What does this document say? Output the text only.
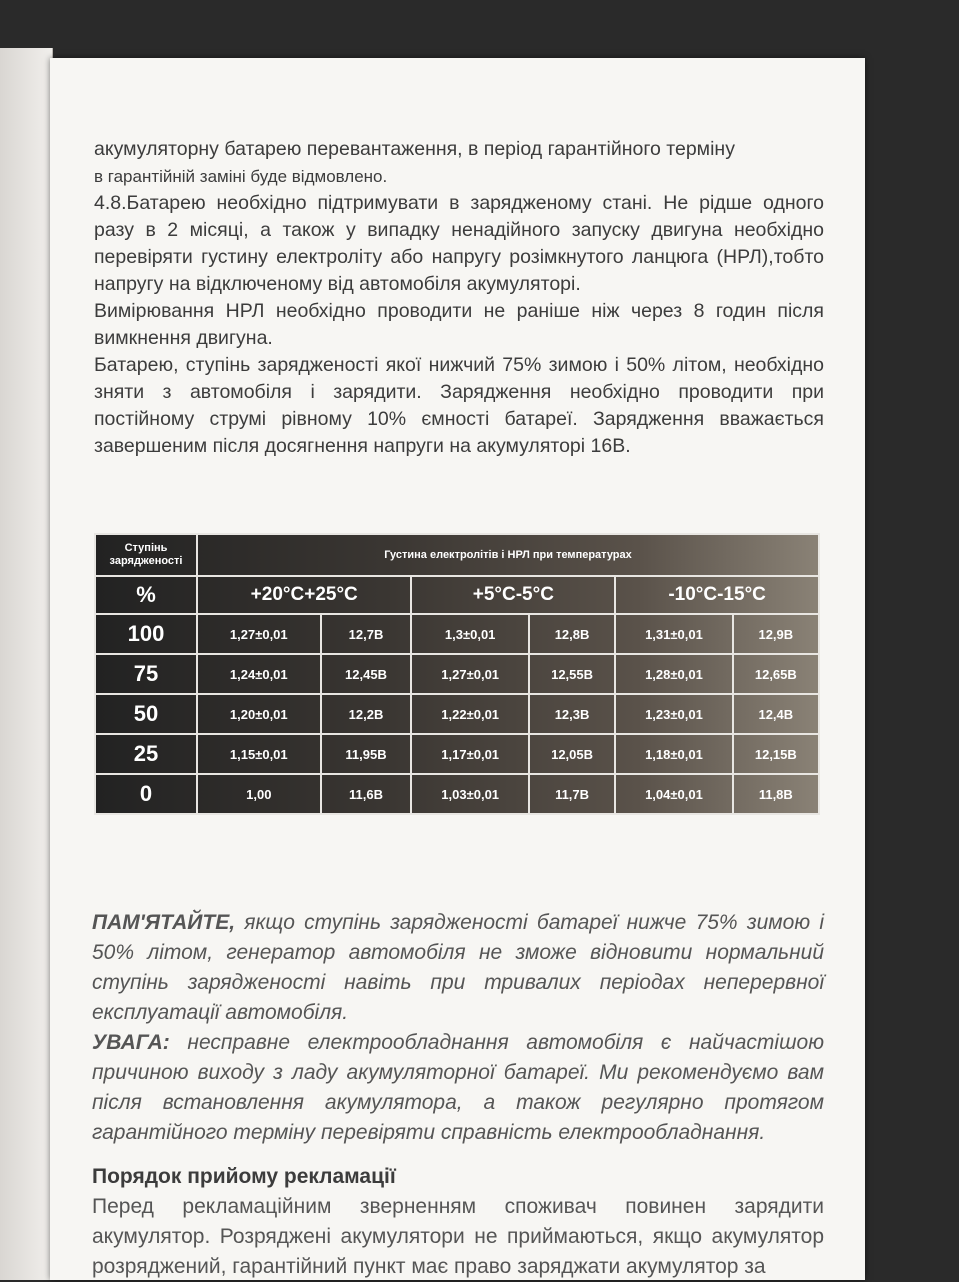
акумуляторну батарею перевантаження, в період гарантійного терміну

в гарантійній заміні буде відмовлено.

4.8.Батарею необхідно підтримувати в зарядженому стані. Не рідше одного разу в 2 місяці, а також у випадку ненадійного запуску двигуна необхідно перевіряти густину електроліту або напругу розімкнутого ланцюга (НРЛ),тобто напругу на відключеному від автомобіля акумуляторі.

Вимірювання НРЛ необхідно проводити не раніше ніж через 8 годин після вимкнення двигуна.

Батарею, ступінь зарядженості якої нижчий 75% зимою і 50% літом, необхідно зняти з автомобіля і зарядити. Зарядження необхідно проводити при постійному струмі рівному 10% ємності батареї. Зарядження вважається завершеним після досягнення напруги на акумуляторі 16В.

Ступінь зарядженості	Густина електролітів і НРЛ при температурах					
%	+20°C+25°C		+5°C-5°C		-10°C-15°C	
100	1,27±0,01	12,7В	1,3±0,01	12,8В	1,31±0,01	12,9В
75	1,24±0,01	12,45В	1,27±0,01	12,55В	1,28±0,01	12,65В
50	1,20±0,01	12,2В	1,22±0,01	12,3В	1,23±0,01	12,4В
25	1,15±0,01	11,95В	1,17±0,01	12,05В	1,18±0,01	12,15В
0	1,00	11,6В	1,03±0,01	11,7В	1,04±0,01	11,8В
ПАМ'ЯТАЙТЕ, якщо ступінь зарядженості батареї нижче 75% зимою і 50% літом, генератор автомобіля не зможе відновити нормальний ступінь зарядженості навіть при тривалих періодах неперервної експлуатації автомобіля.
УВАГА: несправне електрообладнання автомобіля є найчастішою причиною виходу з ладу акумуляторної батареї. Ми рекомендуємо вам після встановлення акумулятора, а також регулярно протягом гарантійного терміну перевіряти справність електрообладнання.
Порядок прийому рекламації
Перед рекламаційним зверненням споживач повинен зарядити акумулятор. Розряджені акумулятори не приймаються, якщо акумулятор розряджений, гарантійний пункт має право заряджати акумулятор за
